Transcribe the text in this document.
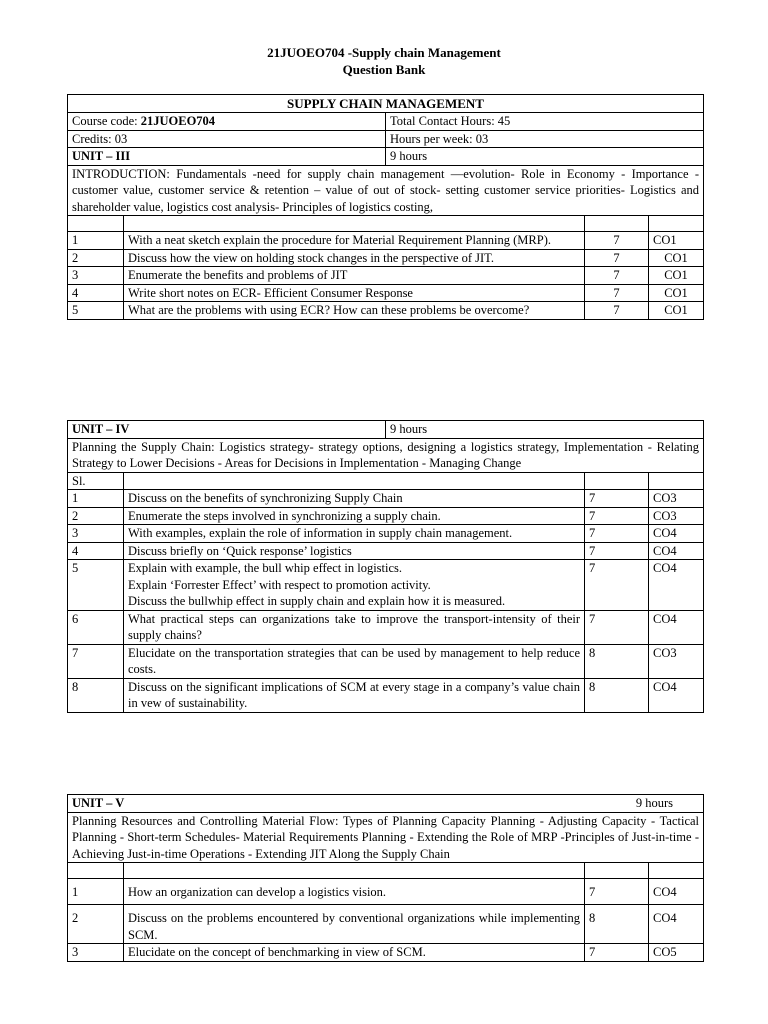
21JUOEO704 -Supply chain Management
Question Bank
SUPPLY CHAIN MANAGEMENT				
Course code: 21JUOEO704		Total Contact Hours: 45		
Credits: 03		Hours per week: 03		
UNIT – III		9 hours		
INTRODUCTION: Fundamentals -need for supply chain management —evolution- Role in Economy - Importance - customer value, customer service & retention – value of out of stock- setting customer service priorities- Logistics and shareholder value, logistics cost analysis- Principles of logistics costing,				

1	With a neat sketch explain the procedure for Material Requirement Planning (MRP).		7	CO1
2	Discuss how the view on holding stock changes in the perspective of JIT.		7	CO1
3	Enumerate the benefits and problems of JIT		7	CO1
4	Write short notes on ECR- Efficient Consumer Response		7	CO1
5	What are the problems with using ECR? How can these problems be overcome?		7	CO1
UNIT – IV		9 hours		
Planning the Supply Chain: Logistics strategy- strategy options, designing a logistics strategy, Implementation - Relating Strategy to Lower Decisions - Areas for Decisions in Implementation - Managing Change				
Sl.				
1	Discuss on the benefits of synchronizing Supply Chain		7	CO3
2	Enumerate the steps involved in synchronizing a supply chain.		7	CO3
3	With examples, explain the role of information in supply chain management.		7	CO4
4	Discuss briefly on ‘Quick response’ logistics		7	CO4
5	Explain with example, the bull whip effect in logistics.
Explain ‘Forrester Effect’ with respect to promotion activity.
Discuss the bullwhip effect in supply chain and explain how it is measured.		7	CO4
6	What practical steps can organizations take to improve the transport-intensity of their supply chains?		7	CO4
7	Elucidate on the transportation strategies that can be used by management to help reduce costs.		8	CO3
8	Discuss on the significant implications of SCM at every stage in a company’s value chain in vew of sustainability.		8	CO4
UNIT – V		9 hours		
Planning Resources and Controlling Material Flow: Types of Planning Capacity Planning - Adjusting Capacity - Tactical Planning - Short-term Schedules- Material Requirements Planning - Extending the Role of MRP -Principles of Just-in-time -Achieving Just-in-time Operations - Extending JIT Along the Supply Chain				

1	How an organization can develop a logistics vision.		7	CO4
2	Discuss on the problems encountered by conventional organizations while implementing SCM.		8	CO4
3	Elucidate on the concept of benchmarking in view of SCM.		7	CO5
